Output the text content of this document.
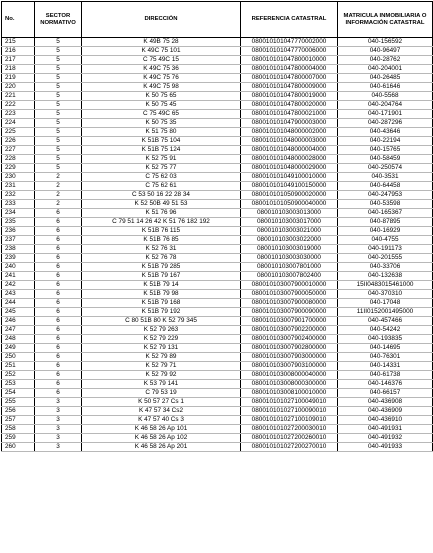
No.	SECTOR NORMATIVO	DIRECCIÓN	REFERENCIA CATASTRAL	MATRICULA INMOBILIARIA O INFORMACIÓN CATASTRAL
215	5	K 49B 75 28	080010101047770002000	040-156592
216	5	K 49C 75 101	080010101047770006000	040-96497
217	5	C 75 49C 15	080010101047800010000	040-28762
218	5	K 49C 75 36	080010101047800004000	040-204001
219	5	K 49C 75 76	080010101047800007000	040-26485
220	5	K 49C 75 98	080010101047800009000	040-61646
221	5	K 50 75 65	080010101047800019000	040-5568
222	5	K 50 75 45	080010101047800020000	040-204764
223	5	C 75 49C 65	080010101047800021000	040-171901
224	5	K 50 75 35	080010101047900003000	040-287296
225	5	K 51 75 80	080010101048000002000	040-43646
226	5	K 51B 75 104	080010101048000003000	040-22194
227	5	K 51B 75 124	080010101048000004000	040-15765
228	5	K 52 75 91	080010101048000028000	040-58459
229	5	K 52 75 77	080010101048000029000	040-250574
230	2	C 75 62 03	080010101049100010000	040-3531
231	2	C 75 62 61	080010101049100150000	040-64458
232	2	C 53 50 16 22 28 34	080010101050900020000	040-247953
233	2	K 52 50B 49 51 53	080010101050900040000	040-53598
234	6	K 51 76 96	080010103003013000	040-165367
235	6	C 79 51 14 26 42 K 51 76 182 192	080010103003017000	040-87895
236	6	K 51B 76 115	080010103003021000	040-16929
237	6	K 51B 76 85	080010103003022000	040-4755
238	6	K 52 76 31	080010103003019000	040-191173
239	6	K 52 76 78	080010103003030000	040-201555
240	6	K 51B 79 285	080010103007801000	040-33706
241	6	K 51B 79 167	080010103007802400	040-132638
242	6	K 51B 79 14	080010103007900010000	15II0483015461000
243	6	K 51B 79 98	080010103007900050000	040-370310
244	6	K 51B 79 168	080010103007900080000	040-17048
245	6	K 51B 79 192	080010103007900090000	11II0152001495000
246	6	C 80 51B 80 K 52 79 345	080010103007901700000	040-457466
247	6	K 52 79 263	080010103007902200000	040-54242
248	6	K 52 79 229	080010103007902400000	040-193835
249	6	K 52 79 131	080010103007902800000	040-14695
250	6	K 52 79 89	080010103007903000000	040-76301
251	6	K 52 79 71	080010103007903100000	040-14331
252	6	K 52 79 92	080010103008000040000	040-61738
253	6	K 53 79 141	080010103008000300000	040-146376
254	6	C 79 53 19	080010103008100010000	040-66157
255	3	K 50 57 27 Cs 1	080010101027100049010	040-436908
256	3	K 47 57 34 Cs2	080010101027100090010	040-436909
257	3	K 47 57 40 Cs 3	080010101027100109010	040-436910
258	3	K 46 58 26 Ap 101	080010101027200030010	040-491931
259	3	K 46 58 26 Ap 102	080010101027200260010	040-491932
260	3	K 46 58 26 Ap 201	080010101027200270010	040-491933
